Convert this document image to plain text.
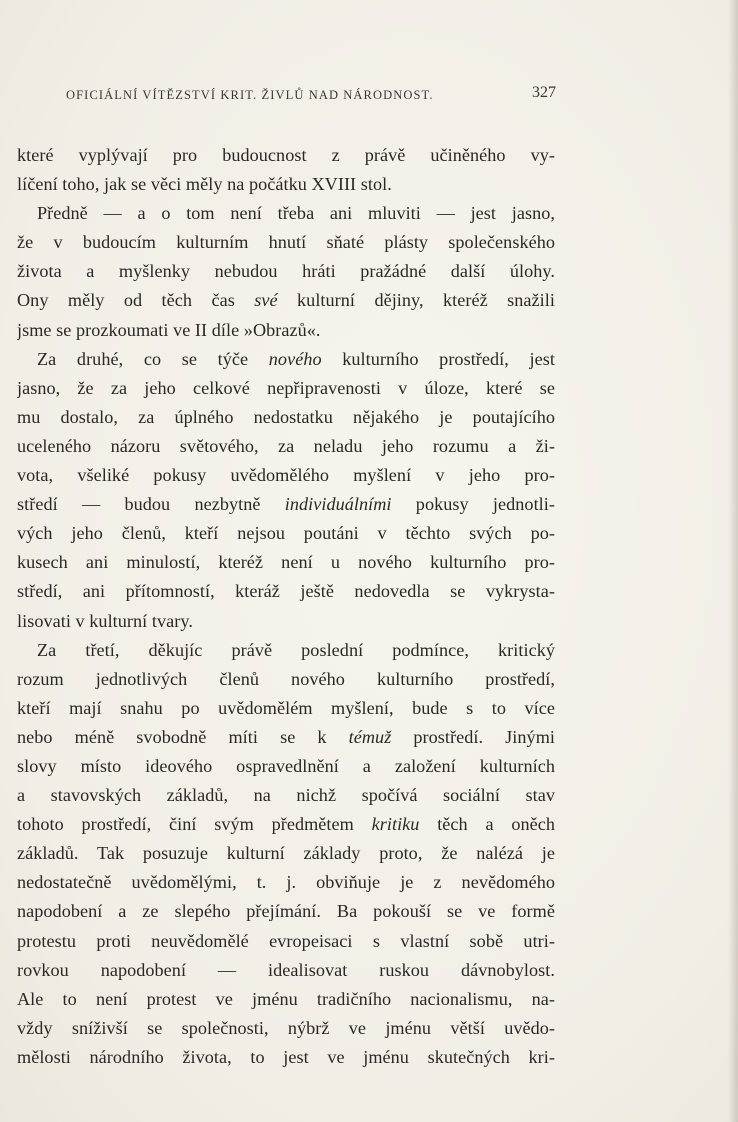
OFICIÁLNÍ VÍTĚZSTVÍ KRIT. ŽIVLŮ NAD NÁRODNOST.	327
které vyplývají pro budoucnost z právě učiněného vy-
líčení toho, jak se věci měly na počátku XVIII stol.
Předně — a o tom není třeba ani mluviti — jest jasno,
že v budoucím kulturním hnutí sňaté plásty společenského
života a myšlenky nebudou hráti pražádné další úlohy.
Ony měly od těch čas své kulturní dějiny, kteréž snažili
jsme se prozkoumati ve II díle »Obrazů«.
Za druhé, co se týče nového kulturního prostředí, jest
jasno, že za jeho celkové nepřipravenosti v úloze, které se
mu dostalo, za úplného nedostatku nějakého je poutajícího
uceleného názoru světového, za neladu jeho rozumu a ži-
vota, všeliké pokusy uvědomělého myšlení v jeho pro-
středí — budou nezbytně individuálními pokusy jednotli-
vých jeho členů, kteří nejsou poutáni v těchto svých po-
kusech ani minulostí, kteréž není u nového kulturního pro-
středí, ani přítomností, kteráž ještě nedovedla se vykrysta-
lisovati v kulturní tvary.
Za třetí, děkujíc právě poslední podmínce, kritický
rozum jednotlivých členů nového kulturního prostředí,
kteří mají snahu po uvědomělém myšlení, bude s to více
nebo méně svobodně míti se k témuž prostředí. Jinými
slovy místo ideového ospravedlnění a založení kulturních
a stavovských základů, na nichž spočívá sociální stav
tohoto prostředí, činí svým předmětem kritiku těch a oněch
základů. Tak posuzuje kulturní základy proto, že nalézá je
nedostatečně uvědomělými, t. j. obviňuje je z nevědomého
napodobení a ze slepého přejímání. Ba pokouší se ve formě
protestu proti neuvědomělé evropeisaci s vlastní sobě utri-
rovkou napodobení — idealisovat ruskou dávnobylost.
Ale to není protest ve jménu tradičního nacionalismu, na-
vždy sníživší se společnosti, nýbrž ve jménu větší uvědo-
mělosti národního života, to jest ve jménu skutečných kri-
